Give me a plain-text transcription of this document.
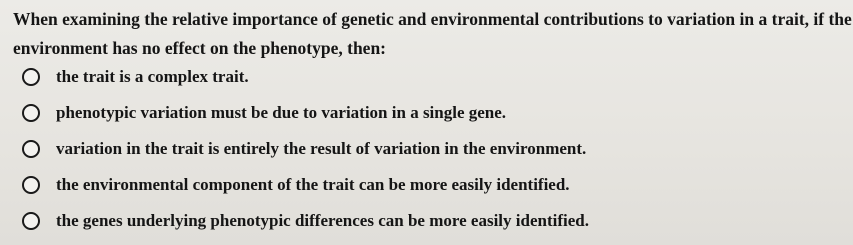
When examining the relative importance of genetic and environmental contributions to variation in a trait, if the
environment has no effect on the phenotype, then:
the trait is a complex trait.
phenotypic variation must be due to variation in a single gene.
variation in the trait is entirely the result of variation in the environment.
the environmental component of the trait can be more easily identified.
the genes underlying phenotypic differences can be more easily identified.
